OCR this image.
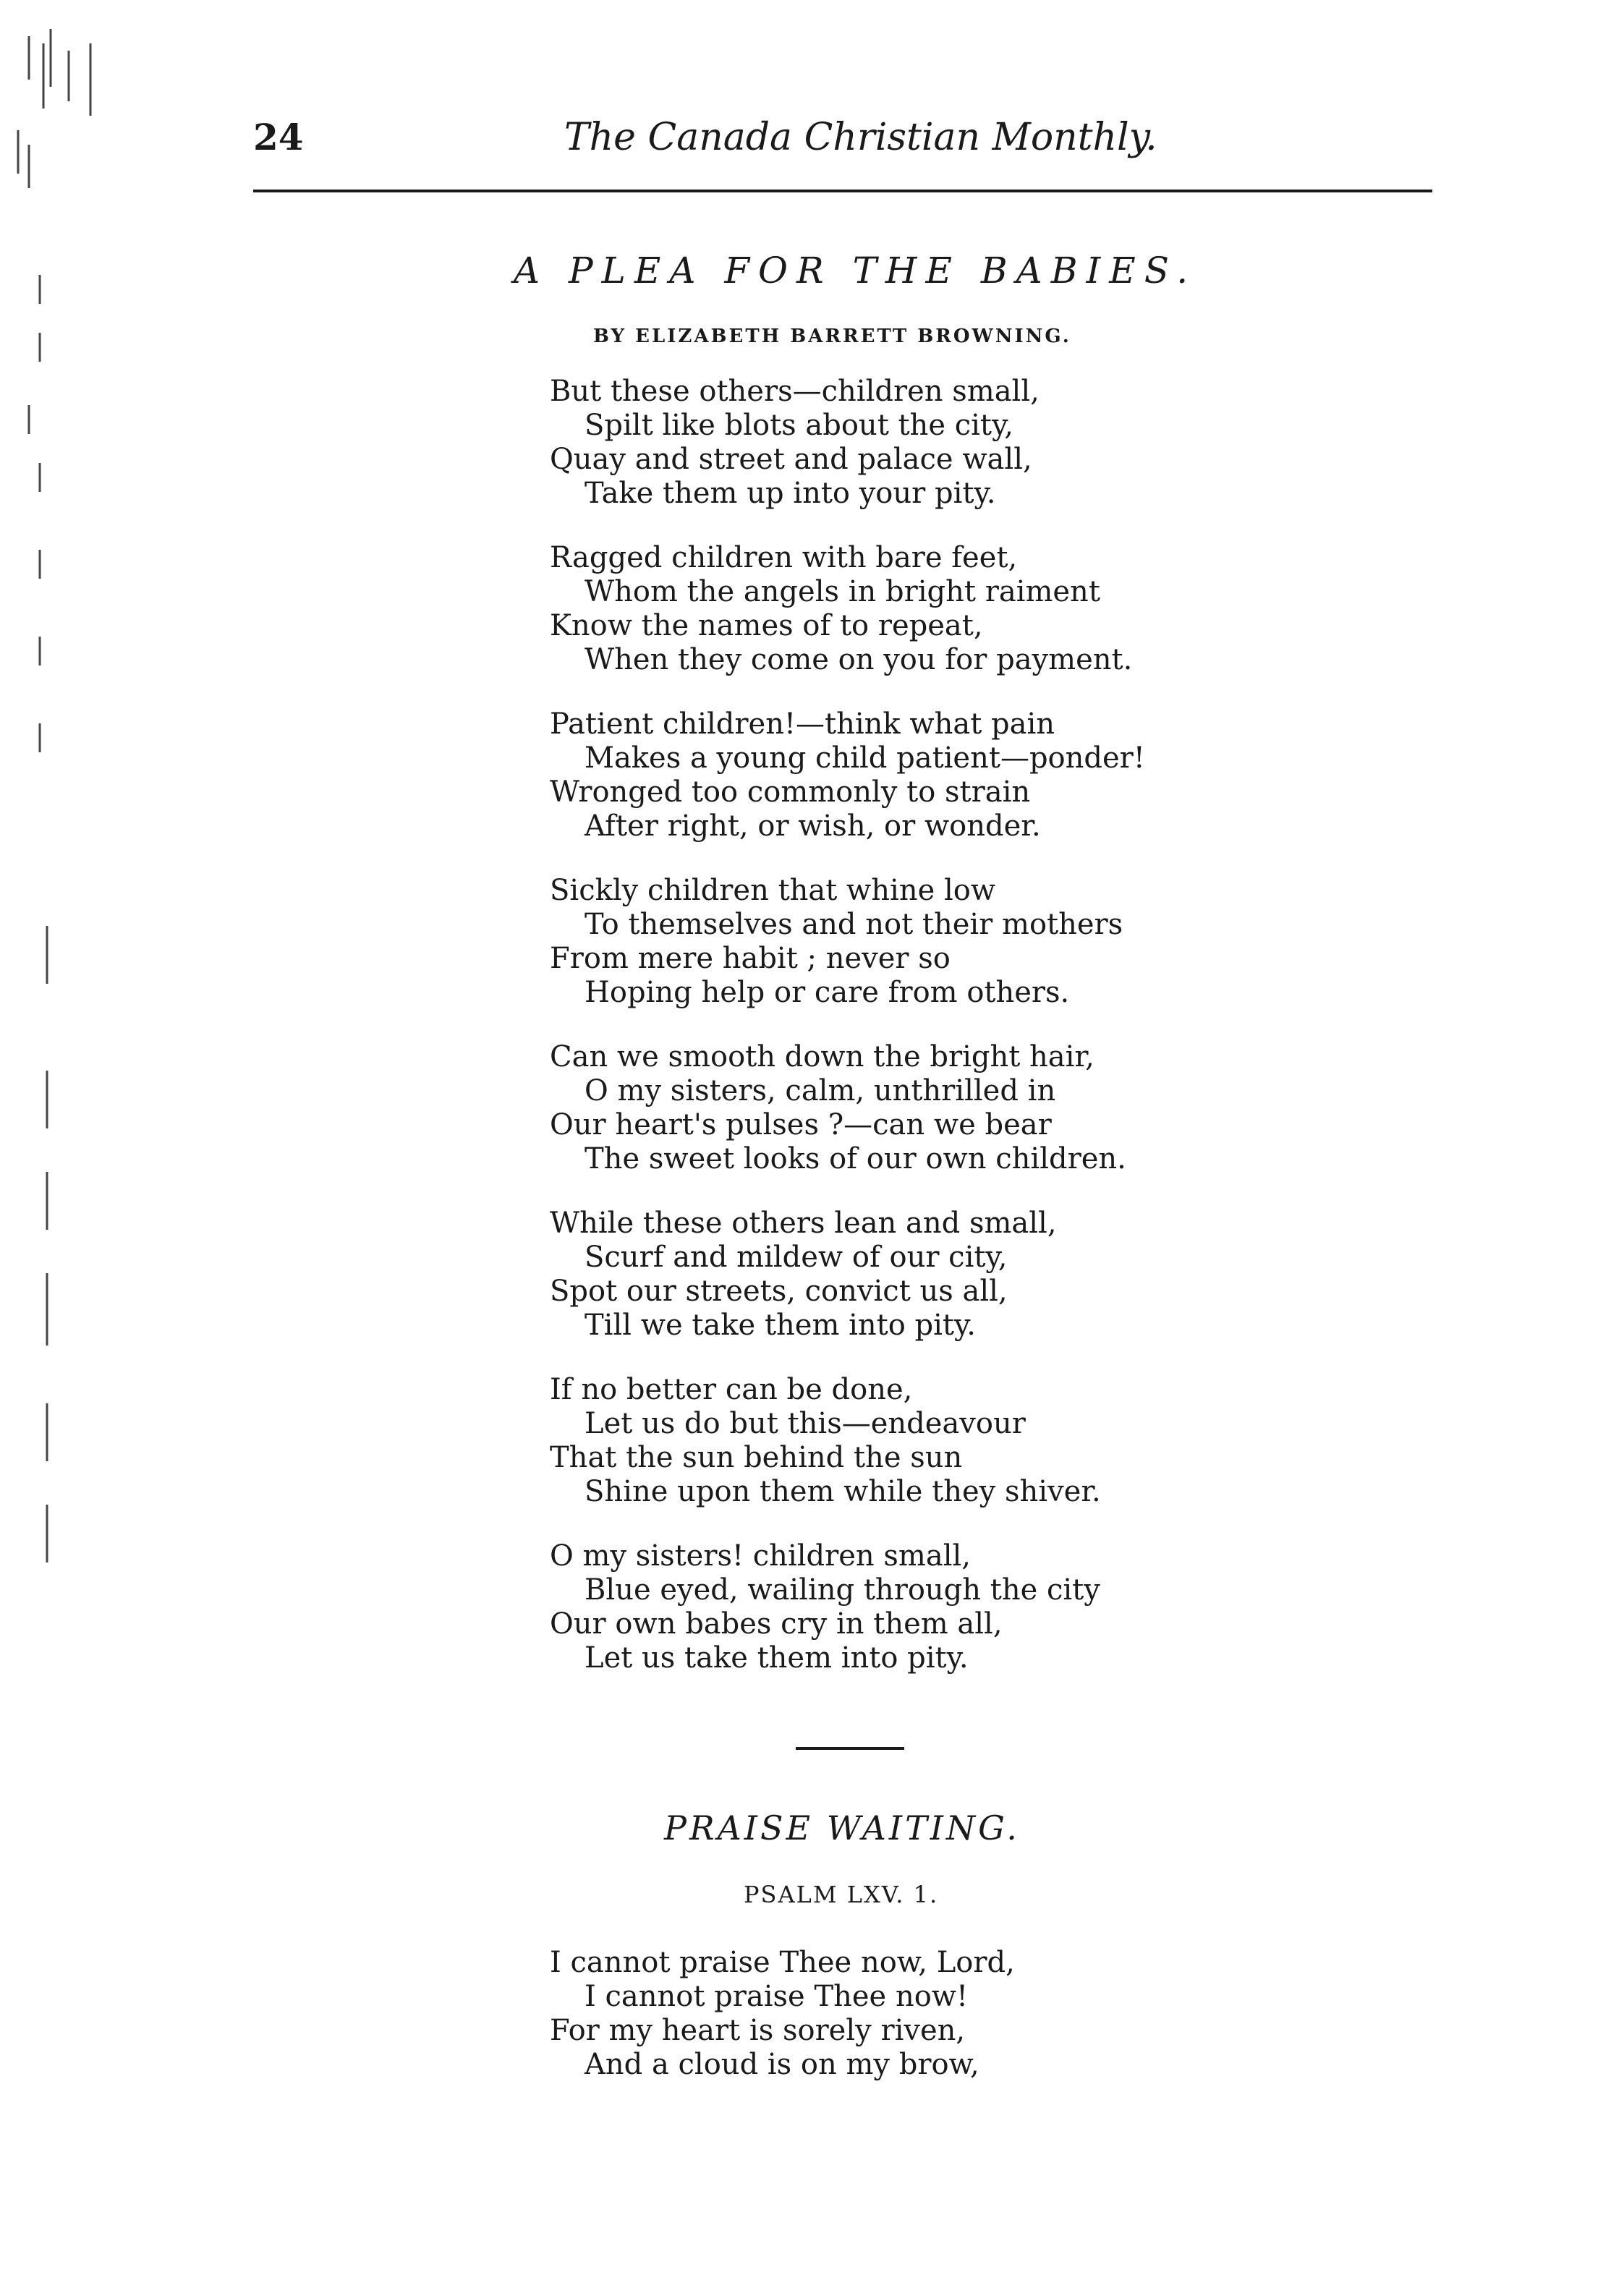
24	The Canada Christian Monthly.
A PLEA FOR THE BABIES.
BY ELIZABETH BARRETT BROWNING.
But these others—children small,
Spilt like blots about the city,
Quay and street and palace wall,
Take them up into your pity.
Ragged children with bare feet,
Whom the angels in bright raiment
Know the names of to repeat,
When they come on you for payment.
Patient children!—think what pain
Makes a young child patient—ponder!
Wronged too commonly to strain
After right, or wish, or wonder.
Sickly children that whine low
To themselves and not their mothers
From mere habit ; never so
Hoping help or care from others.
Can we smooth down the bright hair,
O my sisters, calm, unthrilled in
Our heart's pulses ?—can we bear
The sweet looks of our own children.
While these others lean and small,
Scurf and mildew of our city,
Spot our streets, convict us all,
Till we take them into pity.
If no better can be done,
Let us do but this—endeavour
That the sun behind the sun
Shine upon them while they shiver.
O my sisters! children small,
Blue eyed, wailing through the city
Our own babes cry in them all,
Let us take them into pity.
PRAISE WAITING.
PSALM LXV. 1.
I cannot praise Thee now, Lord,
I cannot praise Thee now!
For my heart is sorely riven,
And a cloud is on my brow,
